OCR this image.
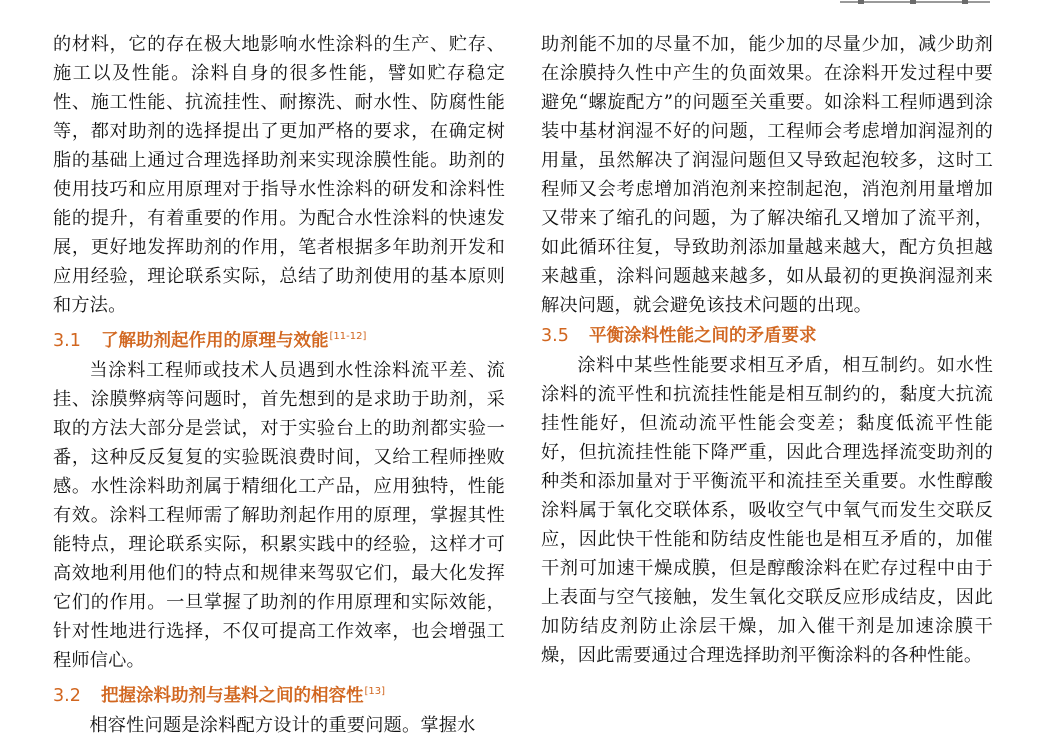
的材料，它的存在极大地影响水性涂料的生产、贮存、施工以及性能。涂料自身的很多性能，譬如贮存稳定性、施工性能、抗流挂性、耐擦洗、耐水性、防腐性能等，都对助剂的选择提出了更加严格的要求，在确定树脂的基础上通过合理选择助剂来实现涂膜性能。助剂的使用技巧和应用原理对于指导水性涂料的研发和涂料性能的提升，有着重要的作用。为配合水性涂料的快速发展，更好地发挥助剂的作用，笔者根据多年助剂开发和应用经验，理论联系实际，总结了助剂使用的基本原则和方法。

3.1 了解助剂起作用的原理与效能[11-12]

当涂料工程师或技术人员遇到水性涂料流平差、流挂、涂膜弊病等问题时，首先想到的是求助于助剂，采取的方法大部分是尝试，对于实验台上的助剂都实验一番，这种反反复复的实验既浪费时间，又给工程师挫败感。水性涂料助剂属于精细化工产品，应用独特，性能有效。涂料工程师需了解助剂起作用的原理，掌握其性能特点，理论联系实际，积累实践中的经验，这样才可高效地利用他们的特点和规律来驾驭它们，最大化发挥它们的作用。一旦掌握了助剂的作用原理和实际效能，针对性地进行选择，不仅可提高工作效率，也会增强工程师信心。

3.2 把握涂料助剂与基料之间的相容性[13]

相容性问题是涂料配方设计的重要问题。掌握水

助剂能不加的尽量不加，能少加的尽量少加，减少助剂在涂膜持久性中产生的负面效果。在涂料开发过程中要避免“螺旋配方”的问题至关重要。如涂料工程师遇到涂装中基材润湿不好的问题，工程师会考虑增加润湿剂的用量，虽然解决了润湿问题但又导致起泡较多，这时工程师又会考虑增加消泡剂来控制起泡，消泡剂用量增加又带来了缩孔的问题，为了解决缩孔又增加了流平剂，如此循环往复，导致助剂添加量越来越大，配方负担越来越重，涂料问题越来越多，如从最初的更换润湿剂来解决问题，就会避免该技术问题的出现。

3.5 平衡涂料性能之间的矛盾要求

涂料中某些性能要求相互矛盾，相互制约。如水性涂料的流平性和抗流挂性能是相互制约的，黏度大抗流挂性能好，但流动流平性能会变差；黏度低流平性能好，但抗流挂性能下降严重，因此合理选择流变助剂的种类和添加量对于平衡流平和流挂至关重要。水性醇酸涂料属于氧化交联体系，吸收空气中氧气而发生交联反应，因此快干性能和防结皮性能也是相互矛盾的，加催干剂可加速干燥成膜，但是醇酸涂料在贮存过程中由于上表面与空气接触，发生氧化交联反应形成结皮，因此加防结皮剂防止涂层干燥，加入催干剂是加速涂膜干燥，因此需要通过合理选择助剂平衡涂料的各种性能。
